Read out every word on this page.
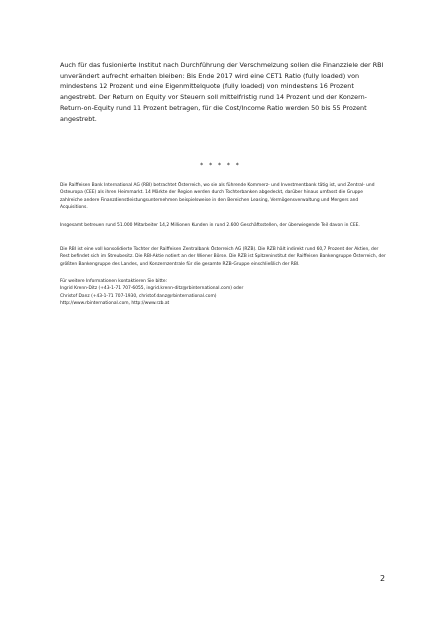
Auch für das fusionierte Institut nach Durchführung der Verschmelzung sollen die Finanzziele der RBI unverändert aufrecht erhalten bleiben: Bis Ende 2017 wird eine CET1 Ratio (fully loaded) von mindestens 12 Prozent und eine Eigenmittelquote (fully loaded) von mindestens 16 Prozent angestrebt. Der Return on Equity vor Steuern soll mittelfristig rund 14 Prozent und der Konzern-Return-on-Equity rund 11 Prozent betragen, für die Cost/Income Ratio werden 50 bis 55 Prozent angestrebt.

* * * * *

Die Raiffeisen Bank International AG (RBI) betrachtet Österreich, wo sie als führende Kommerz- und Investmentbank tätig ist, und Zentral- und Osteuropa (CEE) als ihren Heimmarkt. 14 Märkte der Region werden durch Tochterbanken abgedeckt, darüber hinaus umfasst die Gruppe zahlreiche andere Finanzdienstleistungsunternehmen beispielsweise in den Bereichen Leasing, Vermögensverwaltung und Mergers and Acquisitions.

Insgesamt betreuen rund 51.000 Mitarbeiter 14,2 Millionen Kunden in rund 2.600 Geschäftsstellen, der überwiegende Teil davon in CEE.

Die RBI ist eine voll konsolidierte Tochter der Raiffeisen Zentralbank Österreich AG (RZB). Die RZB hält indirekt rund 60,7 Prozent der Aktien, der Rest befindet sich im Streubesitz. Die RBI-Aktie notiert an der Wiener Börse. Die RZB ist Spitzeninstitut der Raiffeisen Bankengruppe Österreich, der größten Bankengruppe des Landes, und Konzernzentrale für die gesamte RZB-Gruppe einschließlich der RBI.

Für weitere Informationen kontaktieren Sie bitte:
Ingrid Krenn-Ditz (+43-1-71 707-6055, ingrid.krenn-ditz@rbinternational.com) oder
Christof Danz (+43-1-71 707-1930, christof.danz@rbinternational.com)
http://www.rbinternational.com, http://www.rzb.at

2
